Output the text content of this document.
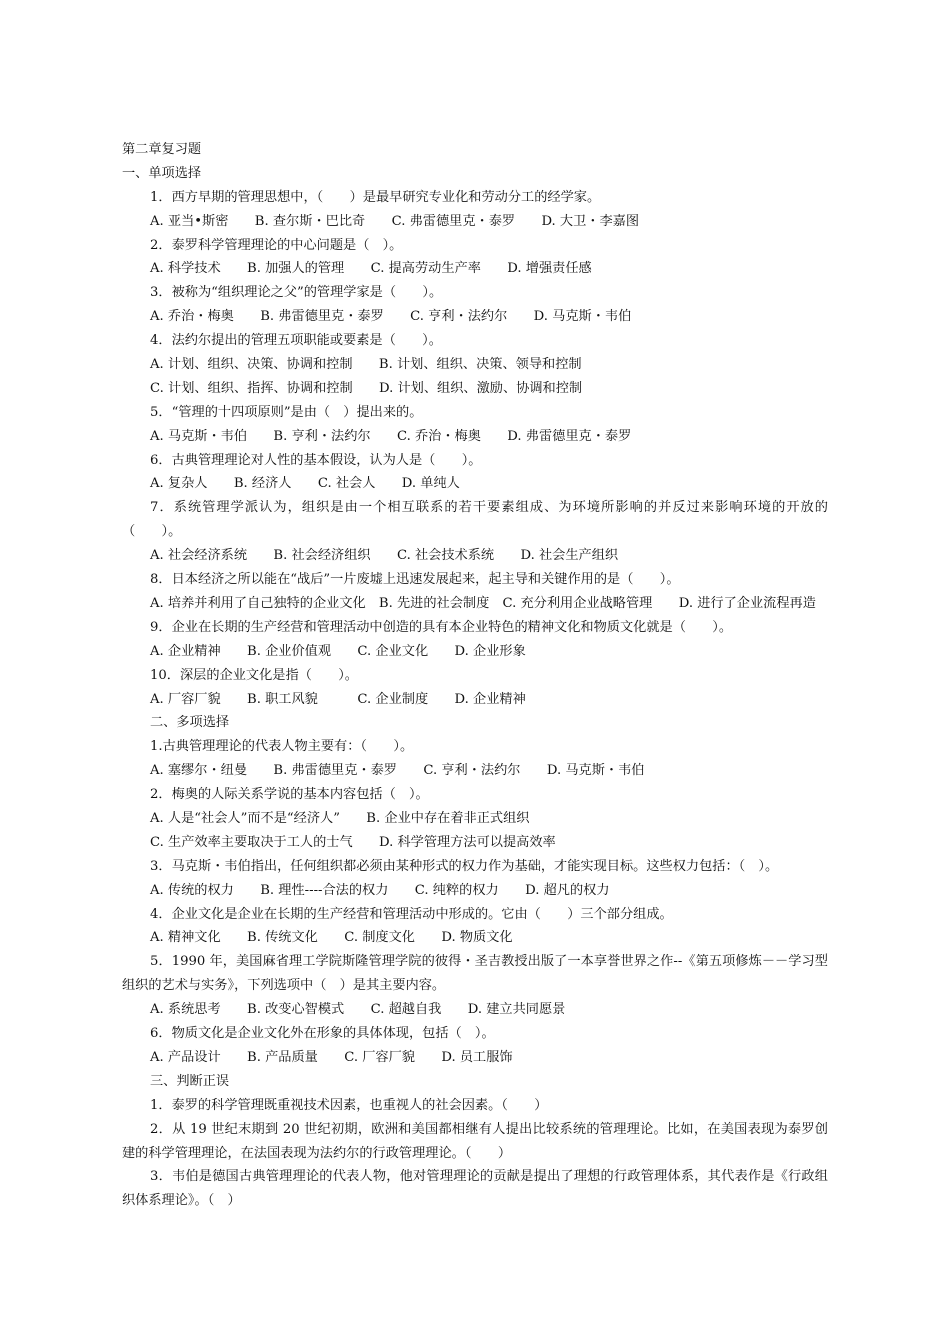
第二章复习题
一、单项选择
1．西方早期的管理思想中，（　　）是最早研究专业化和劳动分工的经学家。
A. 亚当•斯密　　B. 查尔斯・巴比奇　　C. 弗雷德里克・泰罗　　D. 大卫・李嘉图
2．泰罗科学管理理论的中心问题是（　）。
A. 科学技术　　B. 加强人的管理　　C. 提高劳动生产率　　D. 增强责任感
3．被称为“组织理论之父”的管理学家是（　　）。
A. 乔治・梅奥　　B. 弗雷德里克・泰罗　　C. 亨利・法约尔　　D. 马克斯・韦伯
4．法约尔提出的管理五项职能或要素是（　　）。
A. 计划、组织、决策、协调和控制　　B. 计划、组织、决策、领导和控制
C. 计划、组织、指挥、协调和控制　　D. 计划、组织、激励、协调和控制
5．“管理的十四项原则”是由（　）提出来的。
A. 马克斯・韦伯　　B. 亨利・法约尔　　C. 乔治・梅奥　　D. 弗雷德里克・泰罗
6．古典管理理论对人性的基本假设，认为人是（　　）。
A. 复杂人　　B. 经济人　　C. 社会人　　D. 单纯人
7．系统管理学派认为，组织是由一个相互联系的若干要素组成、为环境所影响的并反过来影响环境的开放的（　　）。
A. 社会经济系统　　B. 社会经济组织　　C. 社会技术系统　　D. 社会生产组织
8．日本经济之所以能在“战后”一片废墟上迅速发展起来，起主导和关键作用的是（　　）。
A. 培养并利用了自己独特的企业文化　B. 先进的社会制度　C. 充分利用企业战略管理　　D. 进行了企业流程再造
9．企业在长期的生产经营和管理活动中创造的具有本企业特色的精神文化和物质文化就是（　　）。
A. 企业精神　　B. 企业价值观　　C. 企业文化　　D. 企业形象
10．深层的企业文化是指（　　）。
A. 厂容厂貌　　B. 职工风貌　　　C. 企业制度　　D. 企业精神
二、多项选择
1.古典管理理论的代表人物主要有：（　　）。
A. 塞缪尔・纽曼　　B. 弗雷德里克・泰罗　　C. 亨利・法约尔　　D. 马克斯・韦伯
2．梅奥的人际关系学说的基本内容包括（　）。
A. 人是“社会人”而不是“经济人”　　B. 企业中存在着非正式组织
C. 生产效率主要取决于工人的士气　　D. 科学管理方法可以提高效率
3．马克斯・韦伯指出，任何组织都必须由某种形式的权力作为基础，才能实现目标。这些权力包括：（　）。
A. 传统的权力　　B. 理性----合法的权力　　C. 纯粹的权力　　D. 超凡的权力
4．企业文化是企业在长期的生产经营和管理活动中形成的。它由（　　）三个部分组成。
A. 精神文化　　B. 传统文化　　C. 制度文化　　D. 物质文化
5．1990 年，美国麻省理工学院斯隆管理学院的彼得・圣吉教授出版了一本享誉世界之作--《第五项修炼－－学习型组织的艺术与实务》，下列选项中（　）是其主要内容。
A. 系统思考　　B. 改变心智模式　　C. 超越自我　　D. 建立共同愿景
6．物质文化是企业文化外在形象的具体体现，包括（　）。
A. 产品设计　　B. 产品质量　　C. 厂容厂貌　　D. 员工服饰
三、判断正误
1．泰罗的科学管理既重视技术因素，也重视人的社会因素。（　　）
2．从 19 世纪末期到 20 世纪初期，欧洲和美国都相继有人提出比较系统的管理理论。比如，在美国表现为泰罗创建的科学管理理论，在法国表现为法约尔的行政管理理论。（　　）
3．韦伯是德国古典管理理论的代表人物，他对管理理论的贡献是提出了理想的行政管理体系，其代表作是《行政组织体系理论》。（　）
